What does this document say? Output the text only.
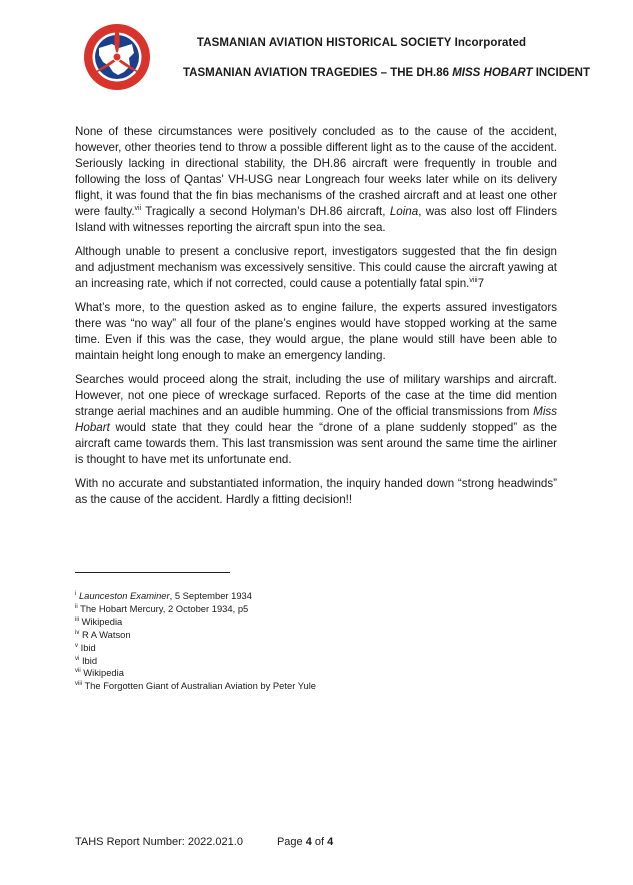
TASMANIAN AVIATION HISTORICAL SOCIETY Incorporated
TASMANIAN AVIATION TRAGEDIES – THE DH.86 MISS HOBART INCIDENT

None of these circumstances were positively concluded as to the cause of the accident, however, other theories tend to throw a possible different light as to the cause of the accident. Seriously lacking in directional stability, the DH.86 aircraft were frequently in trouble and following the loss of Qantas' VH-USG near Longreach four weeks later while on its delivery flight, it was found that the fin bias mechanisms of the crashed aircraft and at least one other were faulty.$^{vii}$ Tragically a second Holyman’s DH.86 aircraft, Loina, was also lost off Flinders Island with witnesses reporting the aircraft spun into the sea.

Although unable to present a conclusive report, investigators suggested that the fin design and adjustment mechanism was excessively sensitive. This could cause the aircraft yawing at an increasing rate, which if not corrected, could cause a potentially fatal spin.$^{viii}$7

What’s more, to the question asked as to engine failure, the experts assured investigators there was “no way” all four of the plane’s engines would have stopped working at the same time. Even if this was the case, they would argue, the plane would still have been able to maintain height long enough to make an emergency landing.

Searches would proceed along the strait, including the use of military warships and aircraft. However, not one piece of wreckage surfaced. Reports of the case at the time did mention strange aerial machines and an audible humming. One of the official transmissions from Miss Hobart would state that they could hear the “drone of a plane suddenly stopped” as the aircraft came towards them. This last transmission was sent around the same time the airliner is thought to have met its unfortunate end.

With no accurate and substantiated information, the inquiry handed down “strong headwinds” as the cause of the accident. Hardly a fitting decision!!

$^i$ Launceston Examiner, 5 September 1934
$^{ii}$ The Hobart Mercury, 2 October 1934, p5
$^{iii}$ Wikipedia
$^{iv}$ R A Watson
$^v$ Ibid
$^{vi}$ Ibid
$^{vii}$ Wikipedia
$^{viii}$ The Forgotten Giant of Australian Aviation by Peter Yule
TAHS Report Number: 2022.021.0	Page 4 of 4
